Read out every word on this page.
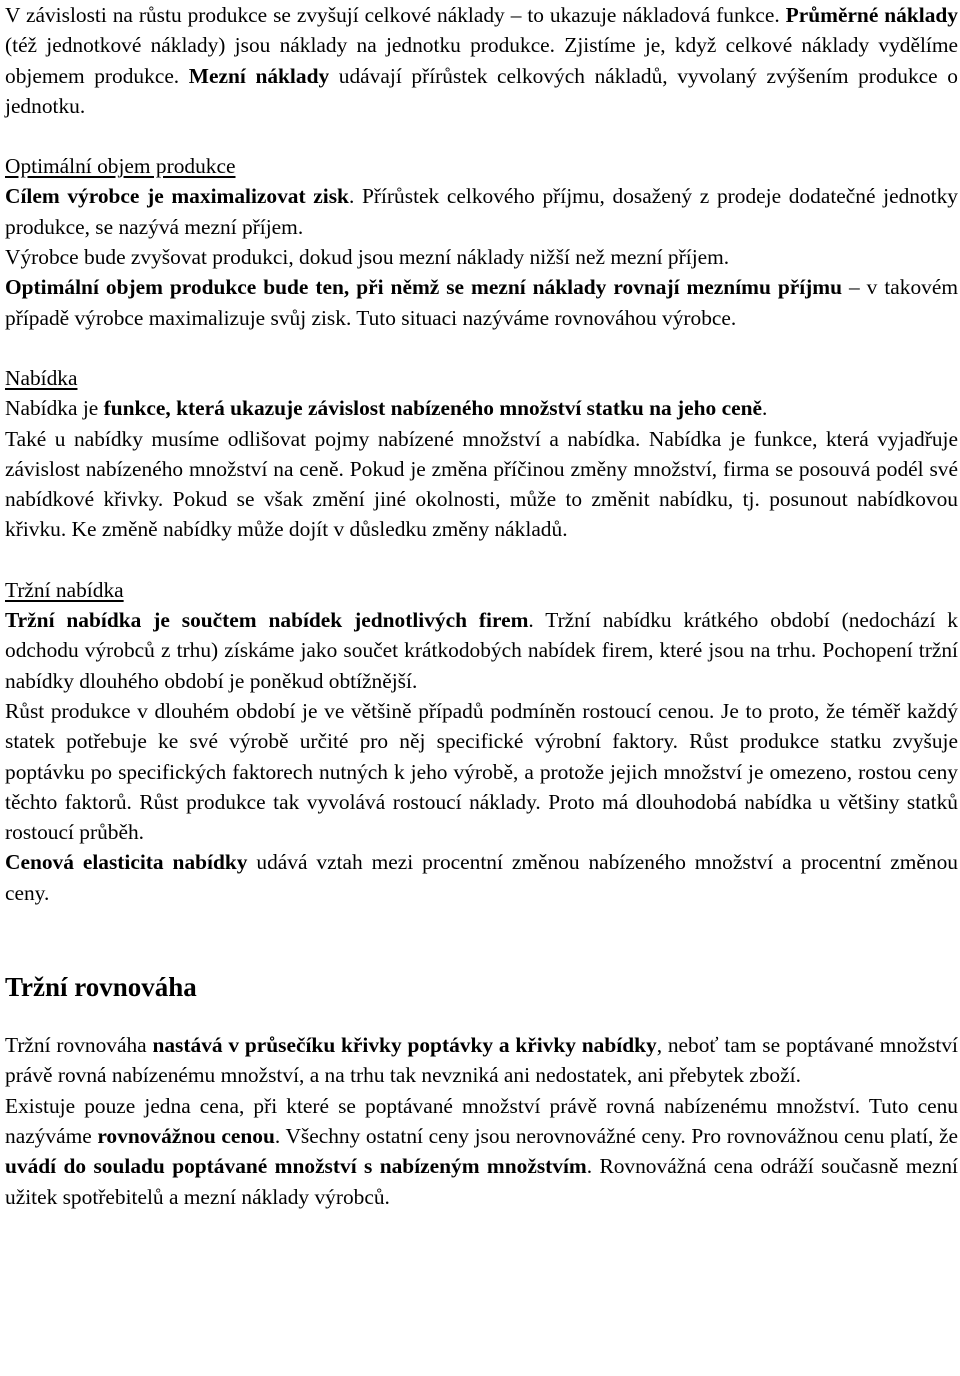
V závislosti na růstu produkce se zvyšují celkové náklady – to ukazuje nákladová funkce. Průměrné náklady (též jednotkové náklady) jsou náklady na jednotku produkce. Zjistíme je, když celkové náklady vydělíme objemem produkce. Mezní náklady udávají přírůstek celkových nákladů, vyvolaný zvýšením produkce o jednotku.

Optimální objem produkce

Cílem výrobce je maximalizovat zisk. Přírůstek celkového příjmu, dosažený z prodeje dodatečné jednotky produkce, se nazývá mezní příjem.

Výrobce bude zvyšovat produkci, dokud jsou mezní náklady nižší než mezní příjem.

Optimální objem produkce bude ten, při němž se mezní náklady rovnají meznímu příjmu – v takovém případě výrobce maximalizuje svůj zisk. Tuto situaci nazýváme rovnováhou výrobce.

Nabídka

Nabídka je funkce, která ukazuje závislost nabízeného množství statku na jeho ceně.

Také u nabídky musíme odlišovat pojmy nabízené množství a nabídka. Nabídka je funkce, která vyjadřuje závislost nabízeného množství na ceně. Pokud je změna příčinou změny množství, firma se posouvá podél své nabídkové křivky. Pokud se však změní jiné okolnosti, může to změnit nabídku, tj. posunout nabídkovou křivku. Ke změně nabídky může dojít v důsledku změny nákladů.

Tržní nabídka

Tržní nabídka je součtem nabídek jednotlivých firem. Tržní nabídku krátkého období (nedochází k odchodu výrobců z trhu) získáme jako součet krátkodobých nabídek firem, které jsou na trhu. Pochopení tržní nabídky dlouhého období je poněkud obtížnější.

Růst produkce v dlouhém období je ve většině případů podmíněn rostoucí cenou. Je to proto, že téměř každý statek potřebuje ke své výrobě určité pro něj specifické výrobní faktory. Růst produkce statku zvyšuje poptávku po specifických faktorech nutných k jeho výrobě, a protože jejich množství je omezeno, rostou ceny těchto faktorů. Růst produkce tak vyvolává rostoucí náklady. Proto má dlouhodobá nabídka u většiny statků rostoucí průběh.

Cenová elasticita nabídky udává vztah mezi procentní změnou nabízeného množství a procentní změnou ceny.

Tržní rovnováha

Tržní rovnováha nastává v průsečíku křivky poptávky a křivky nabídky, neboť tam se poptávané množství právě rovná nabízenému množství, a na trhu tak nevzniká ani nedostatek, ani přebytek zboží.

Existuje pouze jedna cena, při které se poptávané množství právě rovná nabízenému množství. Tuto cenu nazýváme rovnovážnou cenou. Všechny ostatní ceny jsou nerovnovážné ceny. Pro rovnovážnou cenu platí, že uvádí do souladu poptávané množství s nabízeným množstvím. Rovnovážná cena odráží současně mezní užitek spotřebitelů a mezní náklady výrobců.
